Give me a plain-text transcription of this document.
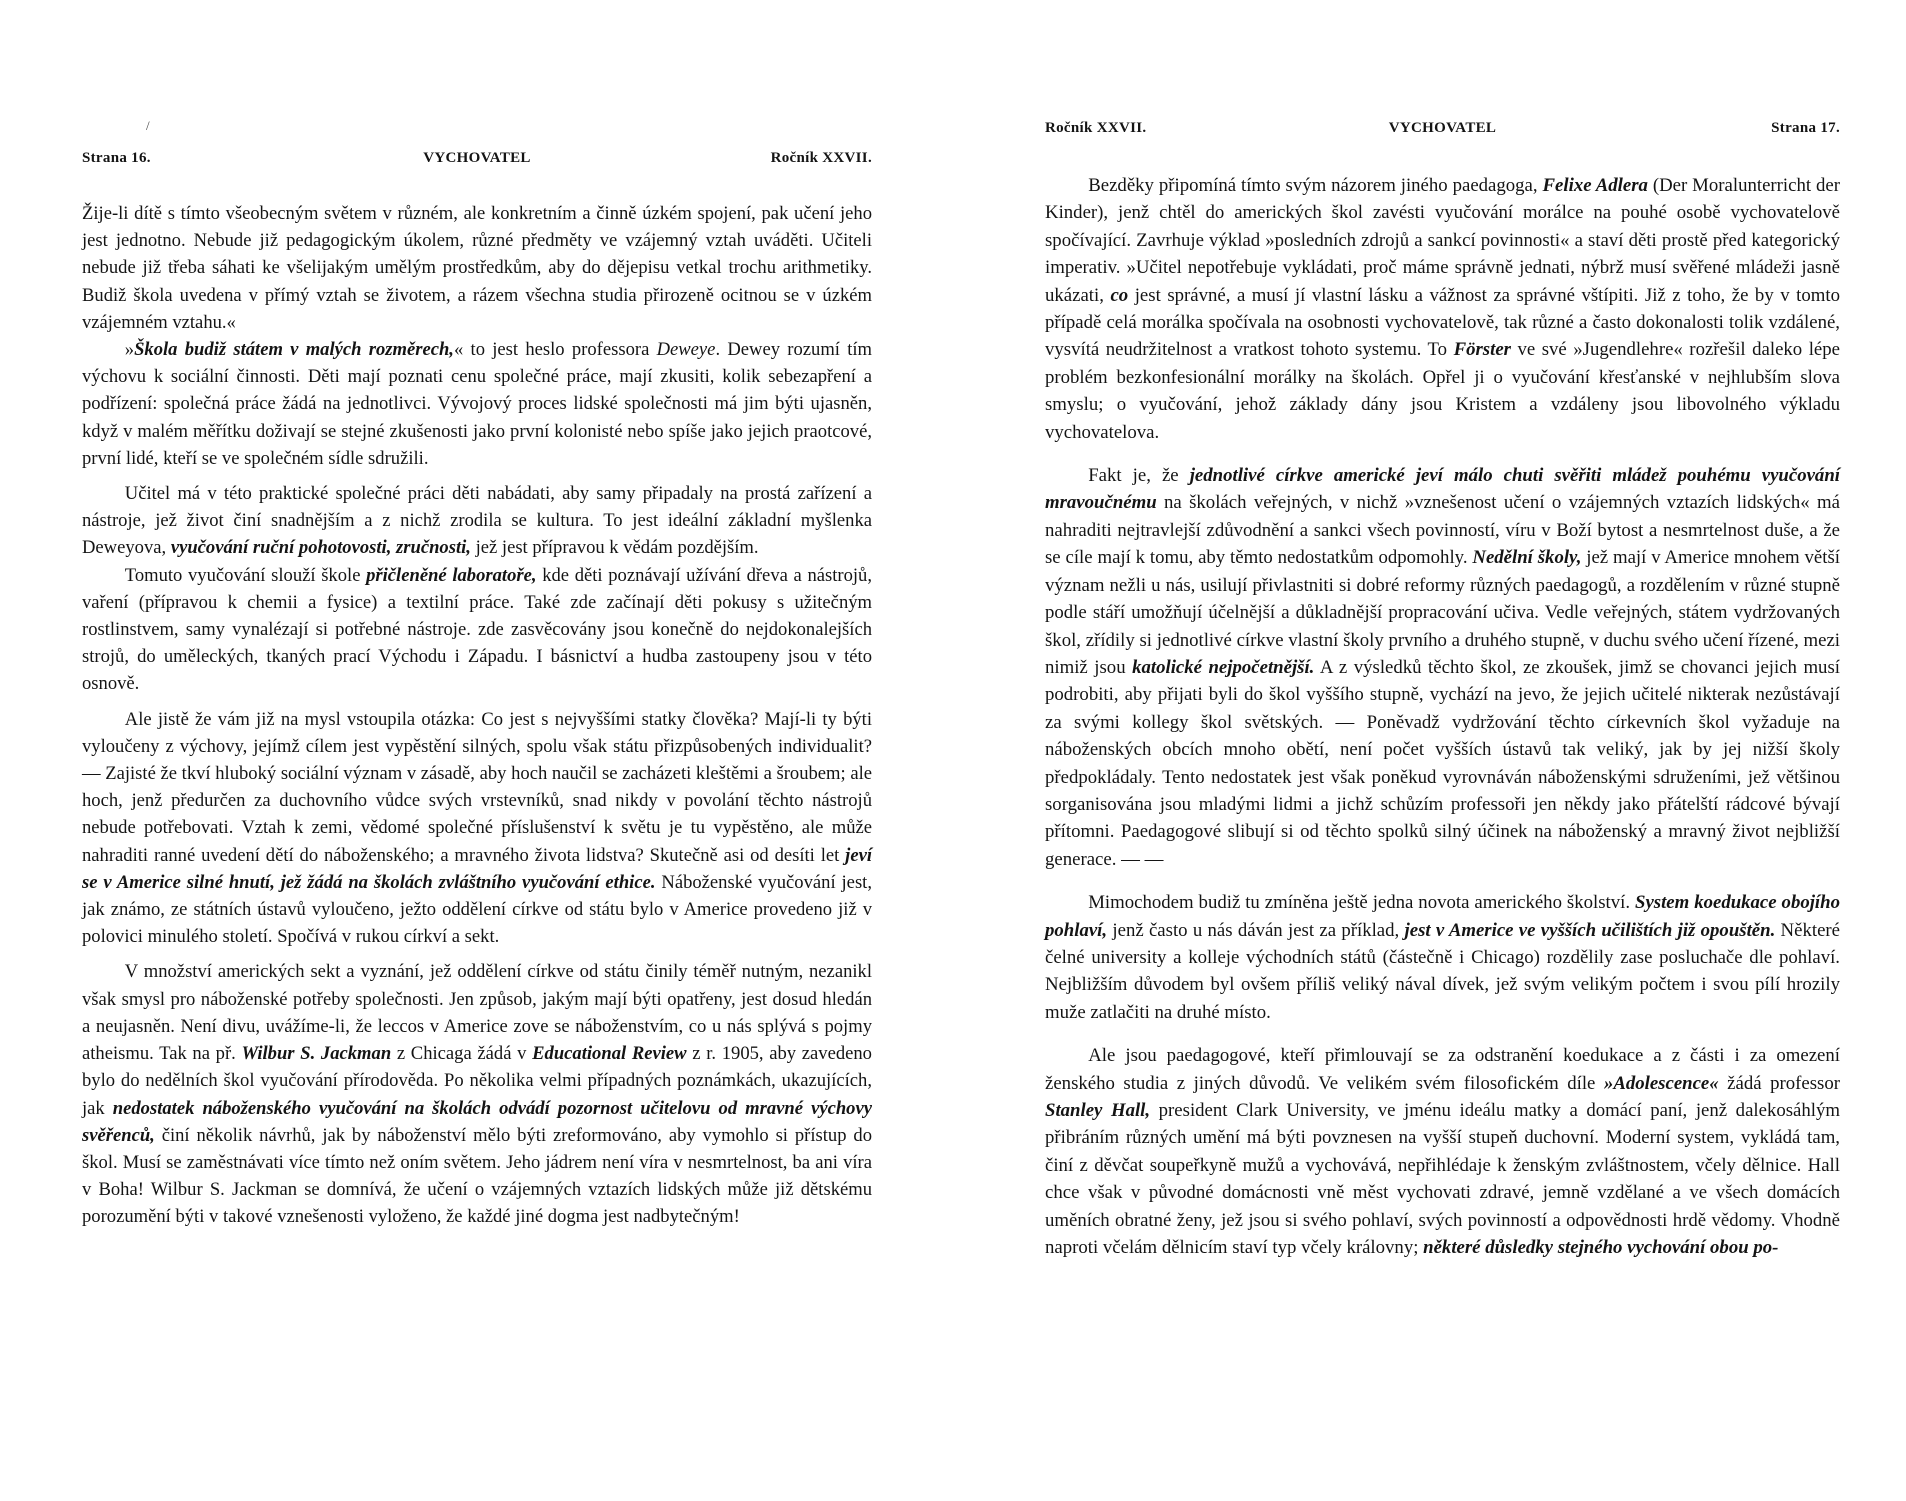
/
Strana 16.	VYCHOVATEL	Ročník XXVII.

Žije-li dítě s tímto všeobecným světem v různém, ale konkretním a činně úzkém spojení, pak učení jeho jest jednotno. Nebude již pedagogickým úkolem, různé předměty ve vzájemný vztah uváděti. Učiteli nebude již třeba sáhati ke všelijakým umělým prostředkům, aby do dějepisu vetkal trochu arithmetiky. Budiž škola uvedena v přímý vztah se životem, a rázem všechna studia přirozeně ocitnou se v úzkém vzájemném vztahu.«

»Škola budiž státem v malých rozměrech,« to jest heslo professora Deweye. Dewey rozumí tím výchovu k sociální činnosti. Děti mají poznati cenu společné práce, mají zkusiti, kolik sebezapření a podřízení: společná práce žádá na jednotlivci. Vývojový proces lidské společnosti má jim býti ujasněn, když v malém měřítku doživají se stejné zkušenosti jako první kolonisté nebo spíše jako jejich praotcové, první lidé, kteří se ve společném sídle sdružili.

Učitel má v této praktické společné práci děti nabádati, aby samy připadaly na prostá zařízení a nástroje, jež život činí snadnějším a z nichž zrodila se kultura. To jest ideální základní myšlenka Deweyova, vyučování ruční pohotovosti, zručnosti, jež jest přípravou k vědám pozdějším.

Tomuto vyučování slouží škole přičleněné laboratoře, kde děti poznávají užívání dřeva a nástrojů, vaření (přípravou k chemii a fysice) a textilní práce. Také zde začínají děti pokusy s užitečným rostlinstvem, samy vynalézají si potřebné nástroje. zde zasvěcovány jsou konečně do nejdokonalejších strojů, do uměleckých, tkaných prací Východu i Západu. I básnictví a hudba zastoupeny jsou v této osnově.

Ale jistě že vám již na mysl vstoupila otázka: Co jest s nejvyššími statky člověka? Mají-li ty býti vyloučeny z výchovy, jejímž cílem jest vypěstění silných, spolu však státu přizpůsobených individualit? — Zajisté že tkví hluboký sociální význam v zásadě, aby hoch naučil se zacházeti kleštěmi a šroubem; ale hoch, jenž předurčen za duchovního vůdce svých vrstevníků, snad nikdy v povolání těchto nástrojů nebude potřebovati. Vztah k zemi, vědomé společné příslušenství k světu je tu vypěstěno, ale může nahraditi ranné uvedení dětí do náboženského; a mravného života lidstva? Skutečně asi od desíti let jeví se v Americe silné hnutí, jež žádá na školách zvláštního vyučování ethice. Náboženské vyučování jest, jak známo, ze státních ústavů vyloučeno, ježto oddělení církve od státu bylo v Americe provedeno již v polovici minulého století. Spočívá v rukou církví a sekt.

V množství amerických sekt a vyznání, jež oddělení církve od státu činily téměř nutným, nezanikl však smysl pro náboženské potřeby společnosti. Jen způsob, jakým mají býti opatřeny, jest dosud hledán a neujasněn. Není divu, uvážíme-li, že leccos v Americe zove se náboženstvím, co u nás splývá s pojmy atheismu. Tak na př. Wilbur S. Jackman z Chicaga žádá v Educational Review z r. 1905, aby zavedeno bylo do nedělních škol vyučování přírodověda. Po několika velmi případných poznámkách, ukazujících, jak nedostatek náboženského vyučování na školách odvádí pozornost učitelovu od mravné výchovy svěřenců, činí několik návrhů, jak by náboženství mělo býti zreformováno, aby vymohlo si přístup do škol. Musí se zaměstnávati více tímto než oním světem. Jeho jádrem není víra v nesmrtelnost, ba ani víra v Boha! Wilbur S. Jackman se domnívá, že učení o vzájemných vztazích lidských může již dětskému porozumění býti v takové vznešenosti vyloženo, že každé jiné dogma jest nadbytečným!

Ročník XXVII.	VYCHOVATEL	Strana 17.

Bezděky připomíná tímto svým názorem jiného paedagoga, Felixe Adlera (Der Moralunterricht der Kinder), jenž chtěl do amerických škol zavésti vyučování morálce na pouhé osobě vychovatelově spočívající. Zavrhuje výklad »posledních zdrojů a sankcí povinnosti« a staví děti prostě před kategorický imperativ. »Učitel nepotřebuje vykládati, proč máme správně jednati, nýbrž musí svěřené mládeži jasně ukázati, co jest správné, a musí jí vlastní lásku a vážnost za správné vštípiti. Již z toho, že by v tomto případě celá morálka spočívala na osobnosti vychovatelově, tak různé a často dokonalosti tolik vzdálené, vysvítá neudržitelnost a vratkost tohoto systemu. To Förster ve své »Jugendlehre« rozřešil daleko lépe problém bezkonfesionální morálky na školách. Opřel ji o vyučování křesťanské v nejhlubším slova smyslu; o vyučování, jehož základy dány jsou Kristem a vzdáleny jsou libovolného výkladu vychovatelova.

Fakt je, že jednotlivé církve americké jeví málo chuti svěřiti mládež pouhému vyučování mravoučnému na školách veřejných, v nichž »vznešenost učení o vzájemných vztazích lidských« má nahraditi nejtravlejší zdůvodnění a sankci všech povinností, víru v Boží bytost a nesmrtelnost duše, a že se cíle mají k tomu, aby těmto nedostatkům odpomohly. Nedělní školy, jež mají v Americe mnohem větší význam nežli u nás, usilují přivlastniti si dobré reformy různých paedagogů, a rozdělením v různé stupně podle stáří umožňují účelnější a důkladnější propracování učiva. Vedle veřejných, státem vydržovaných škol, zřídily si jednotlivé církve vlastní školy prvního a druhého stupně, v duchu svého učení řízené, mezi nimiž jsou katolické nejpočetnější. A z výsledků těchto škol, ze zkoušek, jimž se chovanci jejich musí podrobiti, aby přijati byli do škol vyššího stupně, vychází na jevo, že jejich učitelé nikterak nezůstávají za svými kollegy škol světských. — Poněvadž vydržování těchto církevních škol vyžaduje na náboženských obcích mnoho obětí, není počet vyšších ústavů tak veliký, jak by jej nižší školy předpokládaly. Tento nedostatek jest však poněkud vyrovnáván náboženskými sdruženími, jež většinou sorganisována jsou mladými lidmi a jichž schůzím professoři jen někdy jako přátelští rádcové bývají přítomni. Paedagogové slibují si od těchto spolků silný účinek na náboženský a mravný život nejbližší generace. — —

Mimochodem budiž tu zmíněna ještě jedna novota amerického školství. System koedukace obojího pohlaví, jenž často u nás dáván jest za příklad, jest v Americe ve vyšších učilištích již opouštěn. Některé čelné university a kolleje východních států (částečně i Chicago) rozdělily zase posluchače dle pohlaví. Nejbližším důvodem byl ovšem příliš veliký nával dívek, jež svým velikým počtem i svou pílí hrozily muže zatlačiti na druhé místo.

Ale jsou paedagogové, kteří přimlouvají se za odstranění koedukace a z části i za omezení ženského studia z jiných důvodů. Ve velikém svém filosofickém díle »Adolescence« žádá professor Stanley Hall, president Clark University, ve jménu ideálu matky a domácí paní, jenž dalekosáhlým přibráním různých umění má býti povznesen na vyšší stupeň duchovní. Moderní system, vykládá tam, činí z děvčat soupeřkyně mužů a vychovává, nepřihlédaje k ženským zvláštnostem, včely dělnice. Hall chce však v původné domácnosti vně měst vychovati zdravé, jemně vzdělané a ve všech domácích uměních obratné ženy, jež jsou si svého pohlaví, svých povinností a odpovědnosti hrdě vědomy. Vhodně naproti včelám dělnicím staví typ včely královny; některé důsledky stejného vychování obou po-
